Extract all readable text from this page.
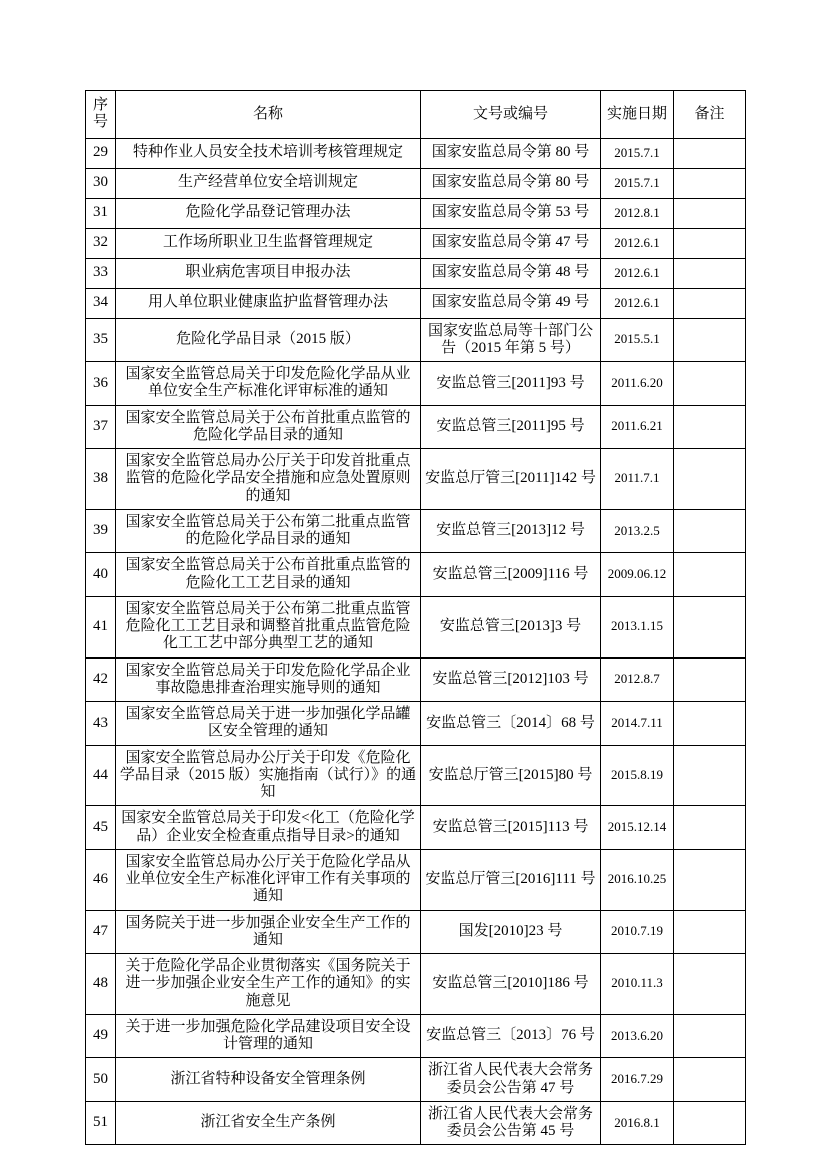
序号	名称	文号或编号	实施日期	备注
29	特种作业人员安全技术培训考核管理规定	国家安监总局令第 80 号	2015.7.1	
30	生产经营单位安全培训规定	国家安监总局令第 80 号	2015.7.1	
31	危险化学品登记管理办法	国家安监总局令第 53 号	2012.8.1	
32	工作场所职业卫生监督管理规定	国家安监总局令第 47 号	2012.6.1	
33	职业病危害项目申报办法	国家安监总局令第 48 号	2012.6.1	
34	用人单位职业健康监护监督管理办法	国家安监总局令第 49 号	2012.6.1	
35	危险化学品目录（2015 版）	国家安监总局等十部门公告（2015 年第 5 号）	2015.5.1	
36	国家安全监管总局关于印发危险化学品从业单位安全生产标准化评审标准的通知	安监总管三[2011]93 号	2011.6.20	
37	国家安全监管总局关于公布首批重点监管的危险化学品目录的通知	安监总管三[2011]95 号	2011.6.21	
38	国家安全监管总局办公厅关于印发首批重点监管的危险化学品安全措施和应急处置原则的通知	安监总厅管三[2011]142 号	2011.7.1	
39	国家安全监管总局关于公布第二批重点监管的危险化学品目录的通知	安监总管三[2013]12 号	2013.2.5	
40	国家安全监管总局关于公布首批重点监管的危险化工工艺目录的通知	安监总管三[2009]116 号	2009.06.12	
41	国家安全监管总局关于公布第二批重点监管危险化工工艺目录和调整首批重点监管危险化工工艺中部分典型工艺的通知	安监总管三[2013]3 号	2013.1.15	
42	国家安全监管总局关于印发危险化学品企业事故隐患排查治理实施导则的通知	安监总管三[2012]103 号	2012.8.7	
43	国家安全监管总局关于进一步加强化学品罐区安全管理的通知	安监总管三〔2014〕68 号	2014.7.11	
44	国家安全监管总局办公厅关于印发《危险化学品目录（2015 版）实施指南（试行）》的通知	安监总厅管三[2015]80 号	2015.8.19	
45	国家安全监管总局关于印发<化工（危险化学品）企业安全检查重点指导目录>的通知	安监总管三[2015]113 号	2015.12.14	
46	国家安全监管总局办公厅关于危险化学品从业单位安全生产标准化评审工作有关事项的通知	安监总厅管三[2016]111 号	2016.10.25	
47	国务院关于进一步加强企业安全生产工作的通知	国发[2010]23 号	2010.7.19	
48	关于危险化学品企业贯彻落实《国务院关于进一步加强企业安全生产工作的通知》的实施意见	安监总管三[2010]186 号	2010.11.3	
49	关于进一步加强危险化学品建设项目安全设计管理的通知	安监总管三〔2013〕76 号	2013.6.20	
50	浙江省特种设备安全管理条例	浙江省人民代表大会常务委员会公告第 47 号	2016.7.29	
51	浙江省安全生产条例	浙江省人民代表大会常务委员会公告第 45 号	2016.8.1	
